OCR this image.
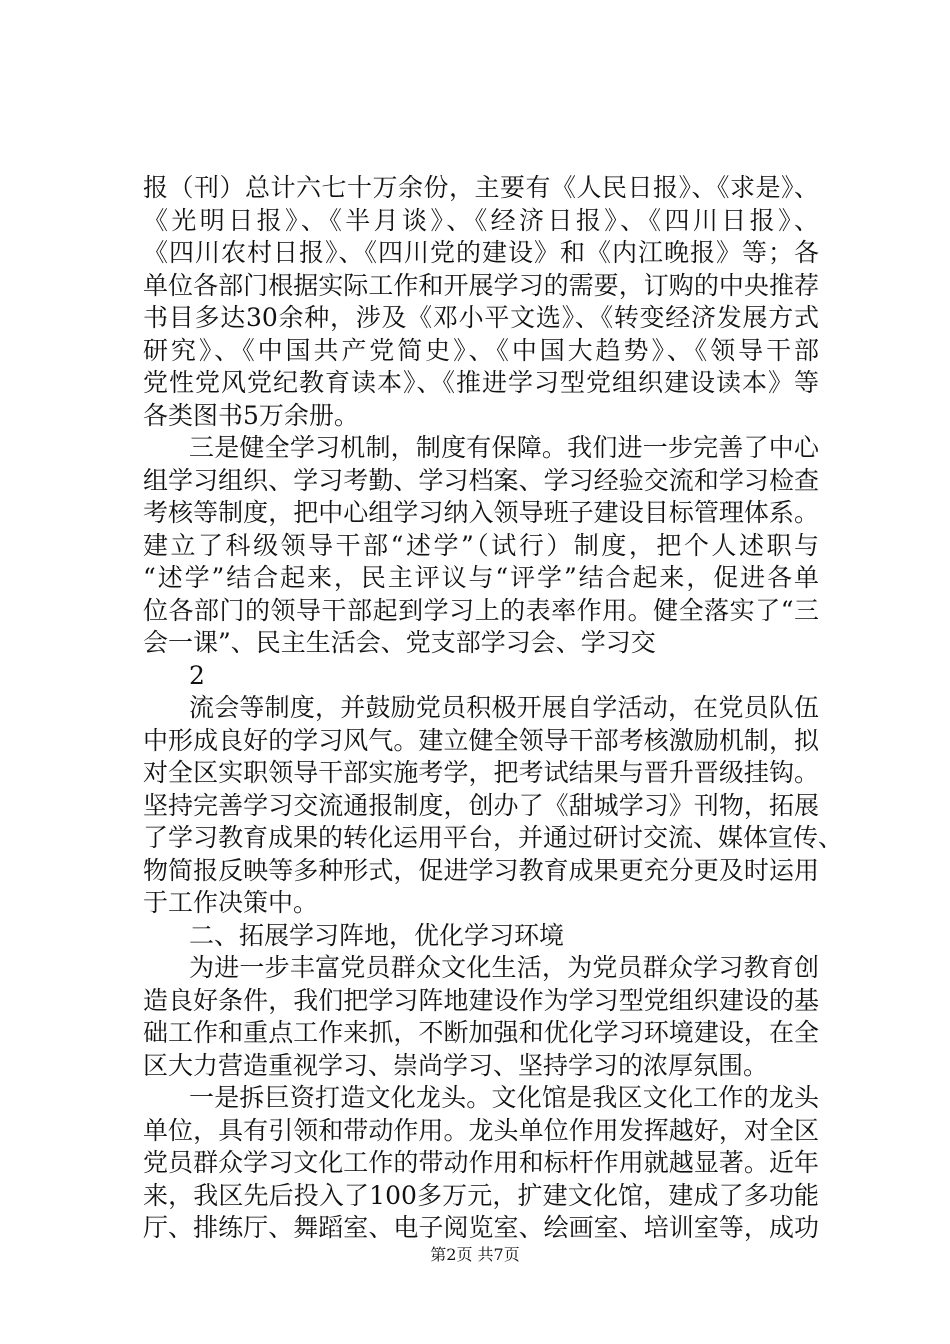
报（刊）总计六七十万余份，主要有《人民日报》、《求是》、
《光明日报》、《半月谈》、《经济日报》、《四川日报》、
《四川农村日报》、《四川党的建设》和《内江晚报》等；各
单位各部门根据实际工作和开展学习的需要，订购的中央推荐
书目多达30余种，涉及《邓小平文选》、《转变经济发展方式
研究》、《中国共产党简史》、《中国大趋势》、《领导干部
党性党风党纪教育读本》、《推进学习型党组织建设读本》等
各类图书5万余册。
三是健全学习机制，制度有保障。我们进一步完善了中心
组学习组织、学习考勤、学习档案、学习经验交流和学习检查
考核等制度，把中心组学习纳入领导班子建设目标管理体系。
建立了科级领导干部“述学”（试行）制度，把个人述职与
“述学”结合起来，民主评议与“评学”结合起来，促进各单
位各部门的领导干部起到学习上的表率作用。健全落实了“三
会一课”、民主生活会、党支部学习会、学习交
2
流会等制度，并鼓励党员积极开展自学活动，在党员队伍
中形成良好的学习风气。建立健全领导干部考核激励机制，拟
对全区实职领导干部实施考学，把考试结果与晋升晋级挂钩。
坚持完善学习交流通报制度，创办了《甜城学习》刊物，拓展
了学习教育成果的转化运用平台，并通过研讨交流、媒体宣传、
物简报反映等多种形式，促进学习教育成果更充分更及时运用
于工作决策中。
二、拓展学习阵地，优化学习环境
为进一步丰富党员群众文化生活，为党员群众学习教育创
造良好条件，我们把学习阵地建设作为学习型党组织建设的基
础工作和重点工作来抓，不断加强和优化学习环境建设，在全
区大力营造重视学习、崇尚学习、坚持学习的浓厚氛围。
一是拆巨资打造文化龙头。文化馆是我区文化工作的龙头
单位，具有引领和带动作用。龙头单位作用发挥越好，对全区
党员群众学习文化工作的带动作用和标杆作用就越显著。近年
来，我区先后投入了100多万元，扩建文化馆，建成了多功能
厅、排练厅、舞蹈室、电子阅览室、绘画室、培训室等，成功
第2页 共7页
